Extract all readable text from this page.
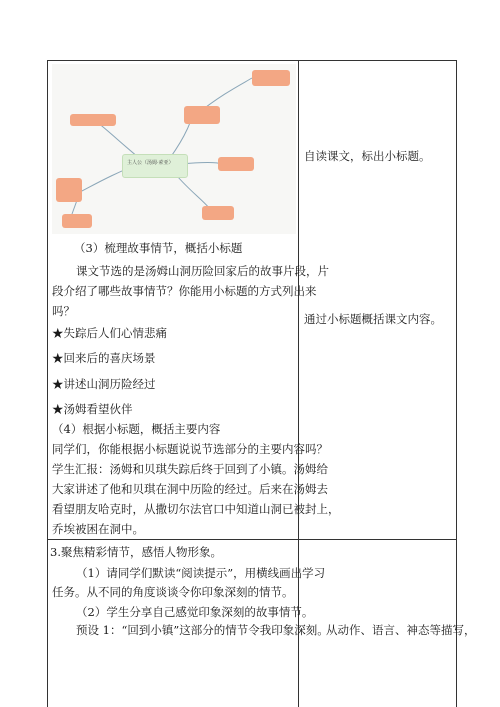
主人公（汤姆·索亚）
（3）梳理故事情节，概括小标题
课文节选的是汤姆山洞历险回家后的故事片段，片
段介绍了哪些故事情节？你能用小标题的方式列出来
吗？
★失踪后人们心情悲痛
★回来后的喜庆场景
★讲述山洞历险经过
★汤姆看望伙伴
（4）根据小标题，概括主要内容
同学们，你能根据小标题说说节选部分的主要内容吗？
学生汇报：汤姆和贝琪失踪后终于回到了小镇。汤姆给
大家讲述了他和贝琪在洞中历险的经过。后来在汤姆去
看望朋友哈克时，从撒切尔法官口中知道山洞已被封上，
乔埃被困在洞中。
自读课文，标出小标题。
通过小标题概括课文内容。
从动作、语言、神态等描写，
3.聚焦精彩情节，感悟人物形象。
（1）请同学们默读“阅读提示”，用横线画出学习
任务。从不同的角度谈谈令你印象深刻的情节。
（2）学生分享自己感觉印象深刻的故事情节。
预设 1：“回到小镇”这部分的情节令我印象深刻。
